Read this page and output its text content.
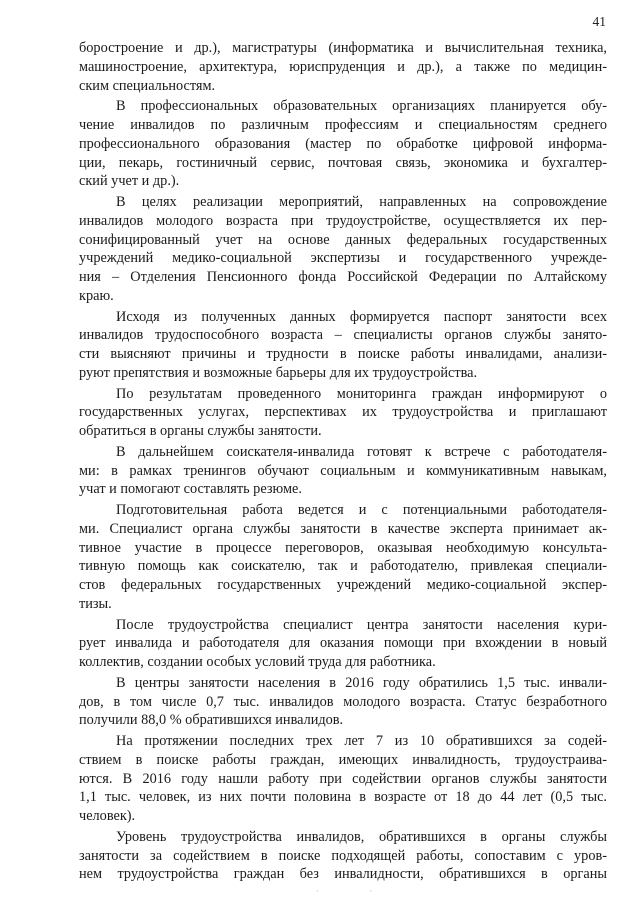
41
боростроение и др.), магистратуры (информатика и вычислительная техника,
машиностроение, архитектура, юриспруденция и др.), а также по медицин-
ским специальностям.
В профессиональных образовательных организациях планируется обу-
чение инвалидов по различным профессиям и специальностям среднего
профессионального образования (мастер по обработке цифровой информа-
ции, пекарь, гостиничный сервис, почтовая связь, экономика и бухгалтер-
ский учет и др.).
В целях реализации мероприятий, направленных на сопровождение
инвалидов молодого возраста при трудоустройстве, осуществляется их пер-
сонифицированный учет на основе данных федеральных государственных
учреждений медико-социальной экспертизы и государственного учрежде-
ния – Отделения Пенсионного фонда Российской Федерации по Алтайскому
краю.
Исходя из полученных данных формируется паспорт занятости всех
инвалидов трудоспособного возраста – специалисты органов службы занято-
сти выясняют причины и трудности в поиске работы инвалидами, анализи-
руют препятствия и возможные барьеры для их трудоустройства.
По результатам проведенного мониторинга граждан информируют о
государственных услугах, перспективах их трудоустройства и приглашают
обратиться в органы службы занятости.
В дальнейшем соискателя-инвалида готовят к встрече с работодателя-
ми: в рамках тренингов обучают социальным и коммуникативным навыкам,
учат и помогают составлять резюме.
Подготовительная работа ведется и с потенциальными работодателя-
ми. Специалист органа службы занятости в качестве эксперта принимает ак-
тивное участие в процессе переговоров, оказывая необходимую консульта-
тивную помощь как соискателю, так и работодателю, привлекая специали-
стов федеральных государственных учреждений медико-социальной экспер-
тизы.
После трудоустройства специалист центра занятости населения кури-
рует инвалида и работодателя для оказания помощи при вхождении в новый
коллектив, создании особых условий труда для работника.
В центры занятости населения в 2016 году обратились 1,5 тыс. инвали-
дов, в том числе 0,7 тыс. инвалидов молодого возраста. Статус безработного
получили 88,0 % обратившихся инвалидов.
На протяжении последних трех лет 7 из 10 обратившихся за содей-
ствием в поиске работы граждан, имеющих инвалидность, трудоустраива-
ются. В 2016 году нашли работу при содействии органов службы занятости
1,1 тыс. человек, из них почти половина в возрасте от 18 до 44 лет (0,5 тыс.
человек).
Уровень трудоустройства инвалидов, обратившихся в органы службы
занятости за содействием в поиске подходящей работы, сопоставим с уров-
нем трудоустройства граждан без инвалидности, обратившихся в органы
· ·
